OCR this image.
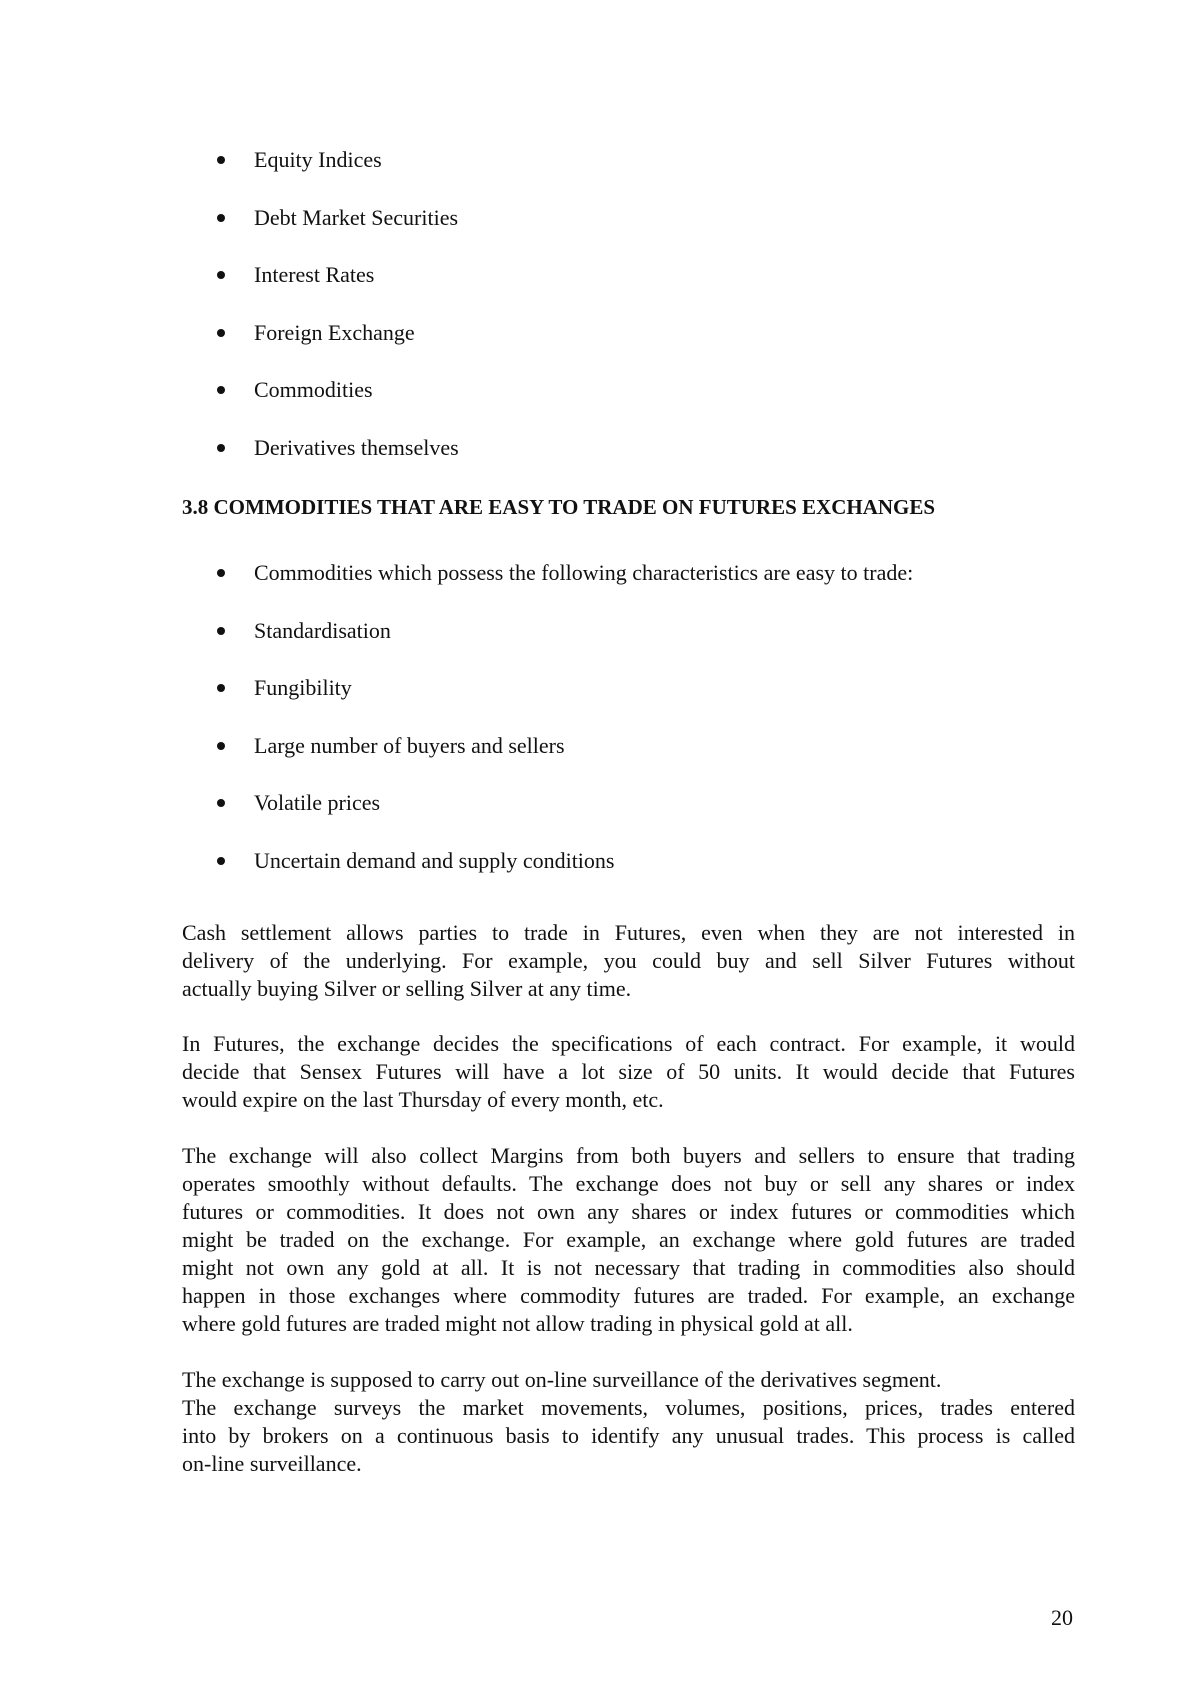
Equity Indices
Debt Market Securities
Interest Rates
Foreign Exchange
Commodities
Derivatives themselves
3.8 COMMODITIES THAT ARE EASY TO TRADE ON FUTURES EXCHANGES
Commodities which possess the following characteristics are easy to trade:
Standardisation
Fungibility
Large number of buyers and sellers
Volatile prices
Uncertain demand and supply conditions

Cash settlement allows parties to trade in Futures, even when they are not interested in
delivery of the underlying. For example, you could buy and sell Silver Futures without
actually buying Silver or selling Silver at any time.

In Futures, the exchange decides the specifications of each contract. For example, it would
decide that Sensex Futures will have a lot size of 50 units. It would decide that Futures
would expire on the last Thursday of every month, etc.

The exchange will also collect Margins from both buyers and sellers to ensure that trading
operates smoothly without defaults. The exchange does not buy or sell any shares or index
futures or commodities. It does not own any shares or index futures or commodities which
might be traded on the exchange. For example, an exchange where gold futures are traded
might not own any gold at all. It is not necessary that trading in commodities also should
happen in those exchanges where commodity futures are traded. For example, an exchange
where gold futures are traded might not allow trading in physical gold at all.

The exchange is supposed to carry out on-line surveillance of the derivatives segment.
The exchange surveys the market movements, volumes, positions, prices, trades entered
into by brokers on a continuous basis to identify any unusual trades. This process is called
on-line surveillance.

20
